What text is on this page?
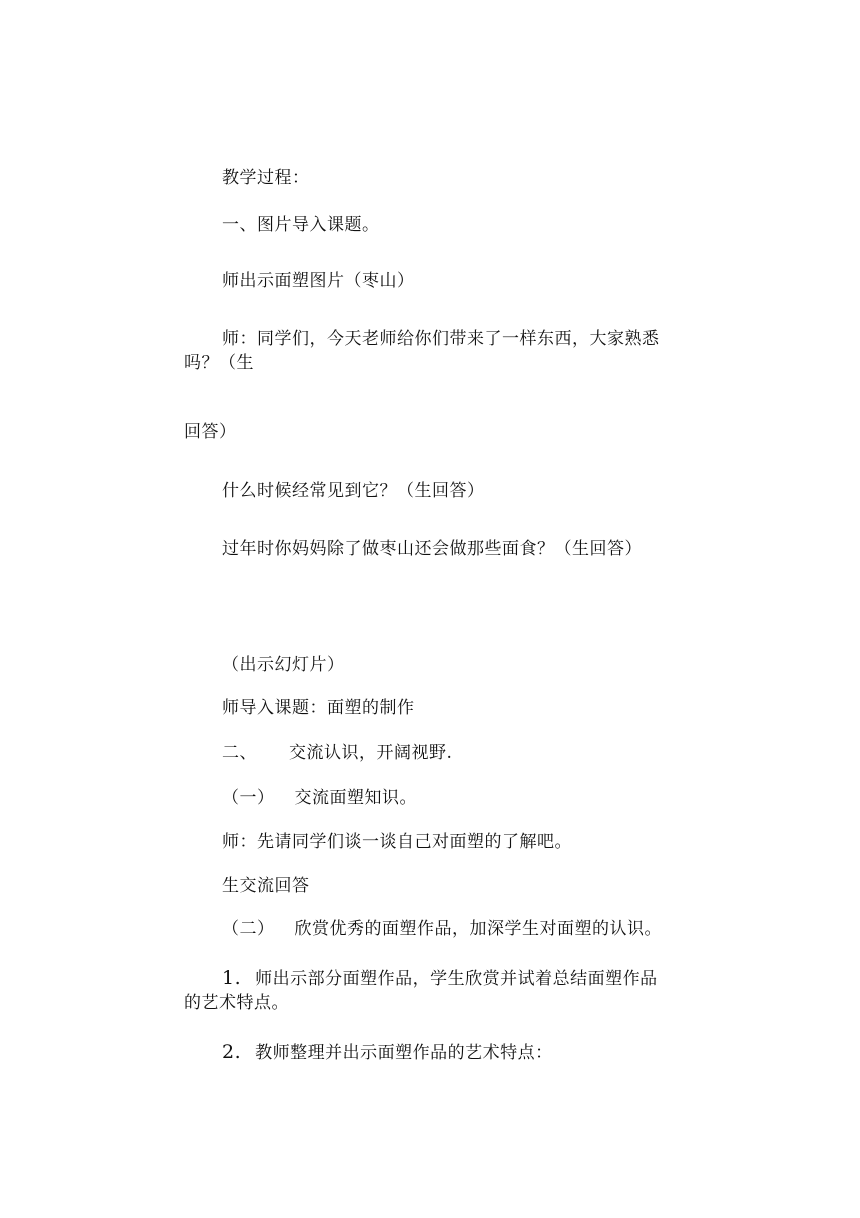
教学过程：
一、图片导入课题。
师出示面塑图片（枣山）
师：同学们，今天老师给你们带来了一样东西，大家熟悉
吗？（生
回答）
什么时候经常见到它？（生回答）
过年时你妈妈除了做枣山还会做那些面食？（生回答）
（出示幻灯片）
师导入课题：面塑的制作
二、 交流认识，开阔视野.
（一） 交流面塑知识。
师：先请同学们谈一谈自己对面塑的了解吧。
生交流回答
（二） 欣赏优秀的面塑作品，加深学生对面塑的认识。
1. 师出示部分面塑作品，学生欣赏并试着总结面塑作品
的艺术特点。
2. 教师整理并出示面塑作品的艺术特点：
